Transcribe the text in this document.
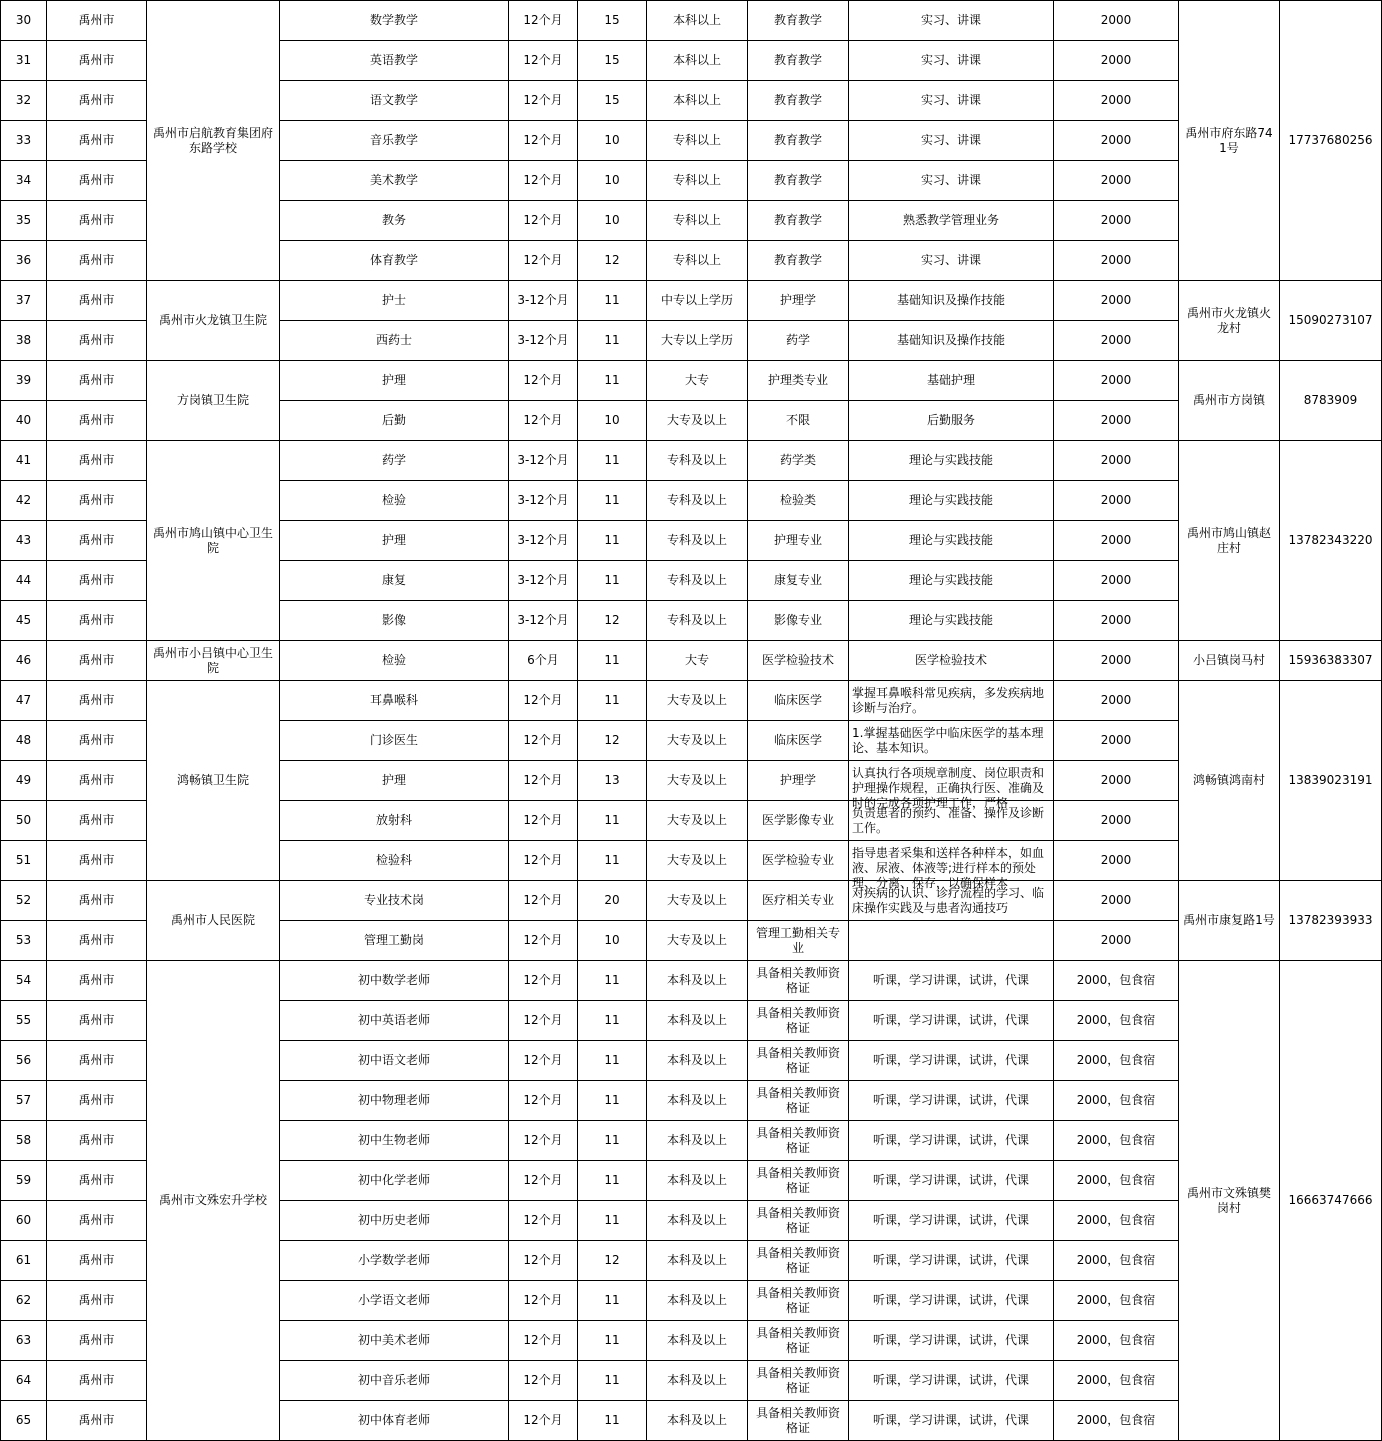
30	禹州市	禹州市启航教育集团府东路学校	数学教学	12个月	15	本科以上	教育教学	实习、讲课	2000	禹州市府东路741号	17737680256
31	禹州市		英语教学	12个月	15	本科以上	教育教学	实习、讲课	2000		
32	禹州市		语文教学	12个月	15	本科以上	教育教学	实习、讲课	2000		
33	禹州市		音乐教学	12个月	10	专科以上	教育教学	实习、讲课	2000		
34	禹州市		美术教学	12个月	10	专科以上	教育教学	实习、讲课	2000		
35	禹州市		教务	12个月	10	专科以上	教育教学	熟悉教学管理业务	2000		
36	禹州市		体育教学	12个月	12	专科以上	教育教学	实习、讲课	2000		
37	禹州市	禹州市火龙镇卫生院	护士	3-12个月	11	中专以上学历	护理学	基础知识及操作技能	2000	禹州市火龙镇火龙村	15090273107
38	禹州市		西药士	3-12个月	11	大专以上学历	药学	基础知识及操作技能	2000		
39	禹州市	方岗镇卫生院	护理	12个月	11	大专	护理类专业	基础护理	2000	禹州市方岗镇	8783909
40	禹州市		后勤	12个月	10	大专及以上	不限	后勤服务	2000		
41	禹州市	禹州市鸠山镇中心卫生院	药学	3-12个月	11	专科及以上	药学类	理论与实践技能	2000	禹州市鸠山镇赵庄村	13782343220
42	禹州市		检验	3-12个月	11	专科及以上	检验类	理论与实践技能	2000		
43	禹州市		护理	3-12个月	11	专科及以上	护理专业	理论与实践技能	2000		
44	禹州市		康复	3-12个月	11	专科及以上	康复专业	理论与实践技能	2000		
45	禹州市		影像	3-12个月	12	专科及以上	影像专业	理论与实践技能	2000		
46	禹州市	禹州市小吕镇中心卫生院	检验	6个月	11	大专	医学检验技术	医学检验技术	2000	小吕镇岗马村	15936383307
47	禹州市	鸿畅镇卫生院	耳鼻喉科	12个月	11	大专及以上	临床医学	掌握耳鼻喉科常见疾病，多发疾病地诊断与治疗。	2000	鸿畅镇鸿南村	13839023191
48	禹州市		门诊医生	12个月	12	大专及以上	临床医学	1.掌握基础医学中临床医学的基本理论、基本知识。	2000		
49	禹州市		护理	12个月	13	大专及以上	护理学	认真执行各项规章制度、岗位职责和护理操作规程，正确执行医、准确及时的完成各项护理工作，严格	2000		
50	禹州市		放射科	12个月	11	大专及以上	医学影像专业	负责患者的预约、准备、操作及诊断工作。	2000		
51	禹州市		检验科	12个月	11	大专及以上	医学检验专业	指导患者采集和送样各种样本，如血液、尿液、体液等;进行样本的预处理、分离、保存，以确保样本	2000		
52	禹州市	禹州市人民医院	专业技术岗	12个月	20	大专及以上	医疗相关专业	对疾病的认识、诊疗流程的学习、临床操作实践及与患者沟通技巧	2000	禹州市康复路1号	13782393933
53	禹州市		管理工勤岗	12个月	10	大专及以上	管理工勤相关专业		2000		
54	禹州市	禹州市文殊宏升学校	初中数学老师	12个月	11	本科及以上	具备相关教师资格证	听课，学习讲课，试讲，代课	2000，包食宿	禹州市文殊镇樊岗村	16663747666
55	禹州市		初中英语老师	12个月	11	本科及以上	具备相关教师资格证	听课，学习讲课，试讲，代课	2000，包食宿		
56	禹州市		初中语文老师	12个月	11	本科及以上	具备相关教师资格证	听课，学习讲课，试讲，代课	2000，包食宿		
57	禹州市		初中物理老师	12个月	11	本科及以上	具备相关教师资格证	听课，学习讲课，试讲，代课	2000，包食宿		
58	禹州市		初中生物老师	12个月	11	本科及以上	具备相关教师资格证	听课，学习讲课，试讲，代课	2000，包食宿		
59	禹州市		初中化学老师	12个月	11	本科及以上	具备相关教师资格证	听课，学习讲课，试讲，代课	2000，包食宿		
60	禹州市		初中历史老师	12个月	11	本科及以上	具备相关教师资格证	听课，学习讲课，试讲，代课	2000，包食宿		
61	禹州市		小学数学老师	12个月	12	本科及以上	具备相关教师资格证	听课，学习讲课，试讲，代课	2000，包食宿		
62	禹州市		小学语文老师	12个月	11	本科及以上	具备相关教师资格证	听课，学习讲课，试讲，代课	2000，包食宿		
63	禹州市		初中美术老师	12个月	11	本科及以上	具备相关教师资格证	听课，学习讲课，试讲，代课	2000，包食宿		
64	禹州市		初中音乐老师	12个月	11	本科及以上	具备相关教师资格证	听课，学习讲课，试讲，代课	2000，包食宿		
65	禹州市		初中体育老师	12个月	11	本科及以上	具备相关教师资格证	听课，学习讲课，试讲，代课	2000，包食宿		
